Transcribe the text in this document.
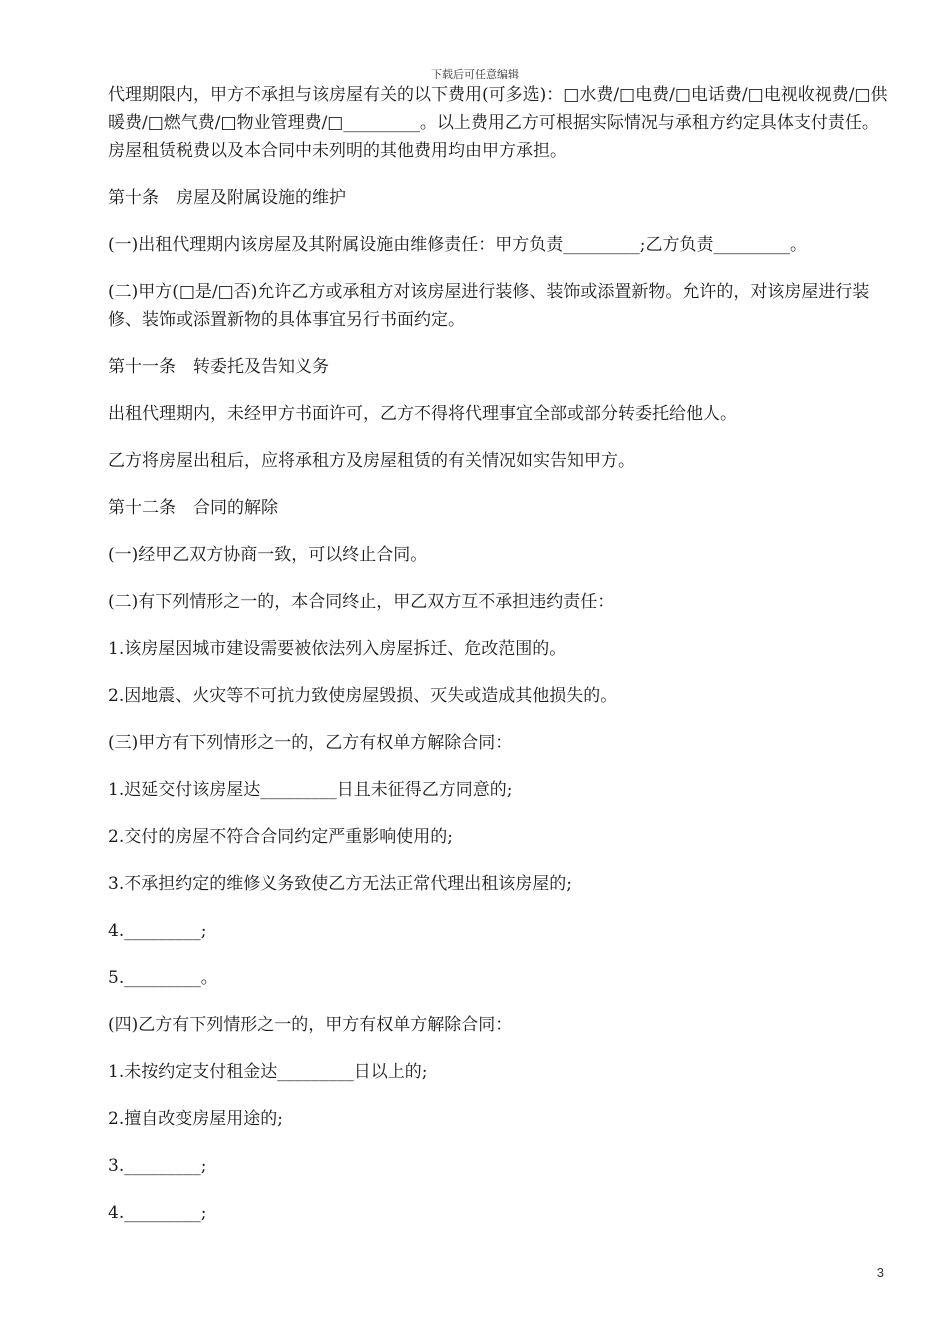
下载后可任意编辑

代理期限内，甲方不承担与该房屋有关的以下费用(可多选)：□水费/□电费/□电话费/□电视收视费/□供暖费/□燃气费/□物业管理费/□_________。以上费用乙方可根据实际情况与承租方约定具体支付责任。房屋租赁税费以及本合同中未列明的其他费用均由甲方承担。

第十条　房屋及附属设施的维护

(一)出租代理期内该房屋及其附属设施由维修责任：甲方负责_________;乙方负责_________。

(二)甲方(□是/□否)允许乙方或承租方对该房屋进行装修、装饰或添置新物。允许的，对该房屋进行装修、装饰或添置新物的具体事宜另行书面约定。

第十一条　转委托及告知义务

出租代理期内，未经甲方书面许可，乙方不得将代理事宜全部或部分转委托给他人。

乙方将房屋出租后，应将承租方及房屋租赁的有关情况如实告知甲方。

第十二条　合同的解除

(一)经甲乙双方协商一致，可以终止合同。

(二)有下列情形之一的，本合同终止，甲乙双方互不承担违约责任：

1.该房屋因城市建设需要被依法列入房屋拆迁、危改范围的。

2.因地震、火灾等不可抗力致使房屋毁损、灭失或造成其他损失的。

(三)甲方有下列情形之一的，乙方有权单方解除合同：

1.迟延交付该房屋达_________日且未征得乙方同意的;

2.交付的房屋不符合合同约定严重影响使用的;

3.不承担约定的维修义务致使乙方无法正常代理出租该房屋的;

4._________;

5._________。

(四)乙方有下列情形之一的，甲方有权单方解除合同：

1.未按约定支付租金达_________日以上的;

2.擅自改变房屋用途的;

3._________;

4._________;

3
